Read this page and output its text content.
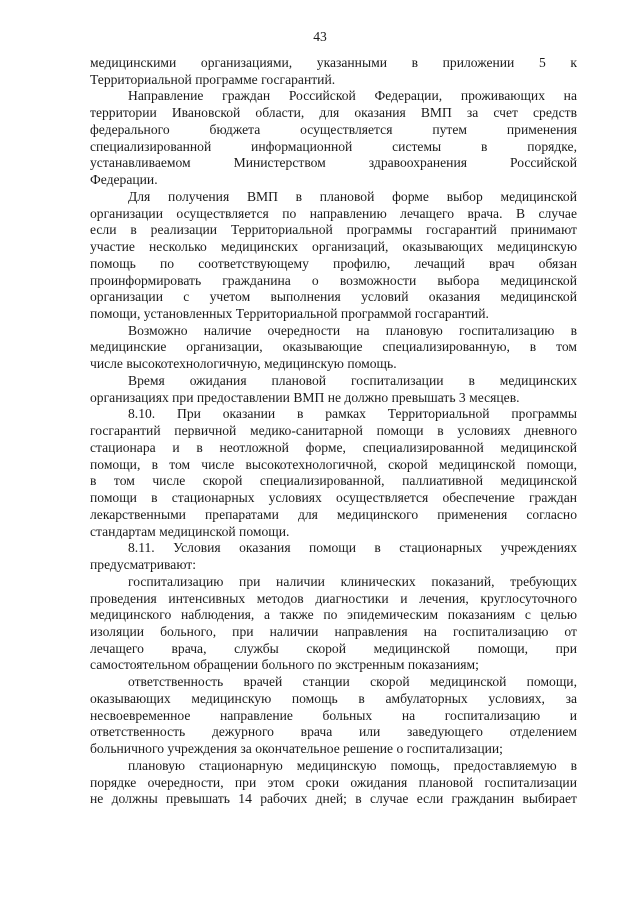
43
медицинскими организациями, указанными в приложении 5 к
Территориальной программе госгарантий.
Направление граждан Российской Федерации, проживающих на
территории Ивановской области, для оказания ВМП за счет средств
федерального бюджета осуществляется путем применения
специализированной информационной системы в порядке,
устанавливаемом Министерством здравоохранения Российской
Федерации.
Для получения ВМП в плановой форме выбор медицинской
организации осуществляется по направлению лечащего врача. В случае
если в реализации Территориальной программы госгарантий принимают
участие несколько медицинских организаций, оказывающих медицинскую
помощь по соответствующему профилю, лечащий врач обязан
проинформировать гражданина о возможности выбора медицинской
организации с учетом выполнения условий оказания медицинской
помощи, установленных Территориальной программой госгарантий.
Возможно наличие очередности на плановую госпитализацию в
медицинские организации, оказывающие специализированную, в том
числе высокотехнологичную, медицинскую помощь.
Время ожидания плановой госпитализации в медицинских
организациях при предоставлении ВМП не должно превышать 3 месяцев.
8.10. При оказании в рамках Территориальной программы
госгарантий первичной медико-санитарной помощи в условиях дневного
стационара и в неотложной форме, специализированной медицинской
помощи, в том числе высокотехнологичной, скорой медицинской помощи,
в том числе скорой специализированной, паллиативной медицинской
помощи в стационарных условиях осуществляется обеспечение граждан
лекарственными препаратами для медицинского применения согласно
стандартам медицинской помощи.
8.11. Условия оказания помощи в стационарных учреждениях
предусматривают:
госпитализацию при наличии клинических показаний, требующих
проведения интенсивных методов диагностики и лечения, круглосуточного
медицинского наблюдения, а также по эпидемическим показаниям с целью
изоляции больного, при наличии направления на госпитализацию от
лечащего врача, службы скорой медицинской помощи, при
самостоятельном обращении больного по экстренным показаниям;
ответственность врачей станции скорой медицинской помощи,
оказывающих медицинскую помощь в амбулаторных условиях, за
несвоевременное направление больных на госпитализацию и
ответственность дежурного врача или заведующего отделением
больничного учреждения за окончательное решение о госпитализации;
плановую стационарную медицинскую помощь, предоставляемую в
порядке очередности, при этом сроки ожидания плановой госпитализации
не должны превышать 14 рабочих дней; в случае если гражданин выбирает
